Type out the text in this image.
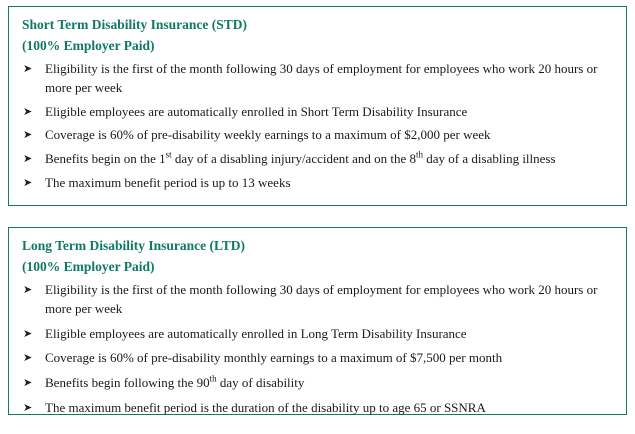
Short Term Disability Insurance (STD)
(100% Employer Paid)
➤ Eligibility is the first of the month following 30 days of employment for employees who work 20 hours or more per week
➤ Eligible employees are automatically enrolled in Short Term Disability Insurance
➤ Coverage is 60% of pre-disability weekly earnings to a maximum of $2,000 per week
➤ Benefits begin on the 1st day of a disabling injury/accident and on the 8th day of a disabling illness
➤ The maximum benefit period is up to 13 weeks
Long Term Disability Insurance (LTD)
(100% Employer Paid)
➤ Eligibility is the first of the month following 30 days of employment for employees who work 20 hours or more per week
➤ Eligible employees are automatically enrolled in Long Term Disability Insurance
➤ Coverage is 60% of pre-disability monthly earnings to a maximum of $7,500 per month
➤ Benefits begin following the 90th day of disability
➤ The maximum benefit period is the duration of the disability up to age 65 or SSNRA
